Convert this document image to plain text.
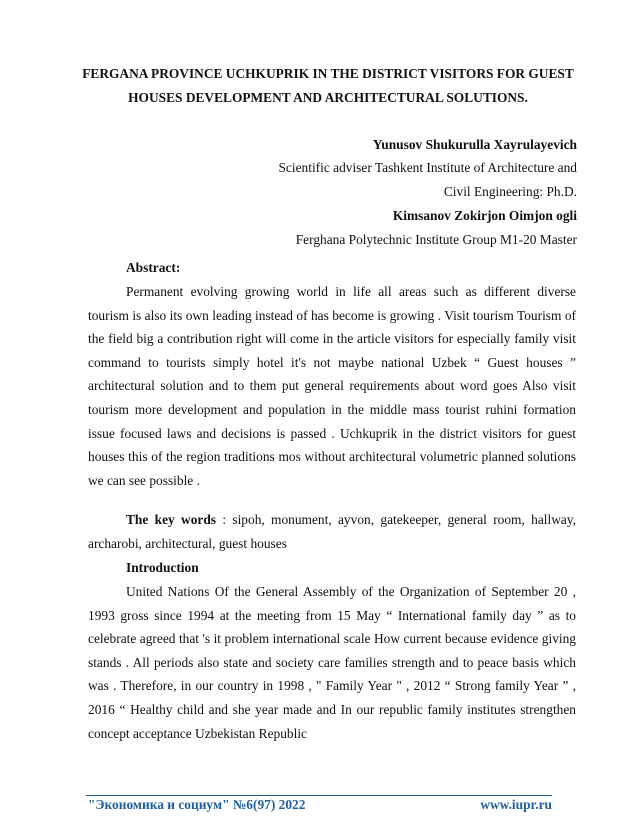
FERGANA PROVINCE UCHKUPRIK IN THE DISTRICT VISITORS FOR GUEST HOUSES DEVELOPMENT AND ARCHITECTURAL SOLUTIONS.
Yunusov Shukurulla Xayrulayevich
Scientific adviser Tashkent Institute of Architecture and
Civil Engineering: Ph.D.
Kimsanov Zokirjon Oimjon ogli
Ferghana Polytechnic Institute Group M1-20 Master
Abstract:
Permanent evolving growing world in life all areas such as different diverse tourism is also its own leading instead of has become is growing . Visit tourism Tourism of the field big a contribution right will come in the article visitors for especially family visit command to tourists simply hotel it's not maybe national Uzbek “ Guest houses ” architectural solution and to them put general requirements about word goes Also visit tourism more development and population in the middle mass tourist ruhini formation issue focused laws and decisions is passed . Uchkuprik in the district visitors for guest houses this of the region traditions mos without architectural volumetric planned solutions we can see possible .
The key words : sipoh, monument, ayvon, gatekeeper, general room, hallway, archarobi, architectural, guest houses
Introduction
United Nations Of the General Assembly of the Organization of September 20 , 1993 gross since 1994 at the meeting from 15 May “ International family day ” as to celebrate agreed that 's it problem international scale How current because evidence giving stands . All periods also state and society care families strength and to peace basis which was . Therefore, in our country in 1998 , " Family Year " , 2012 “ Strong family Year ” , 2016 “ Healthy child and she year made and In our republic family institutes strengthen concept acceptance Uzbekistan Republic
"Экономика и социум" №6(97) 2022	www.iupr.ru
